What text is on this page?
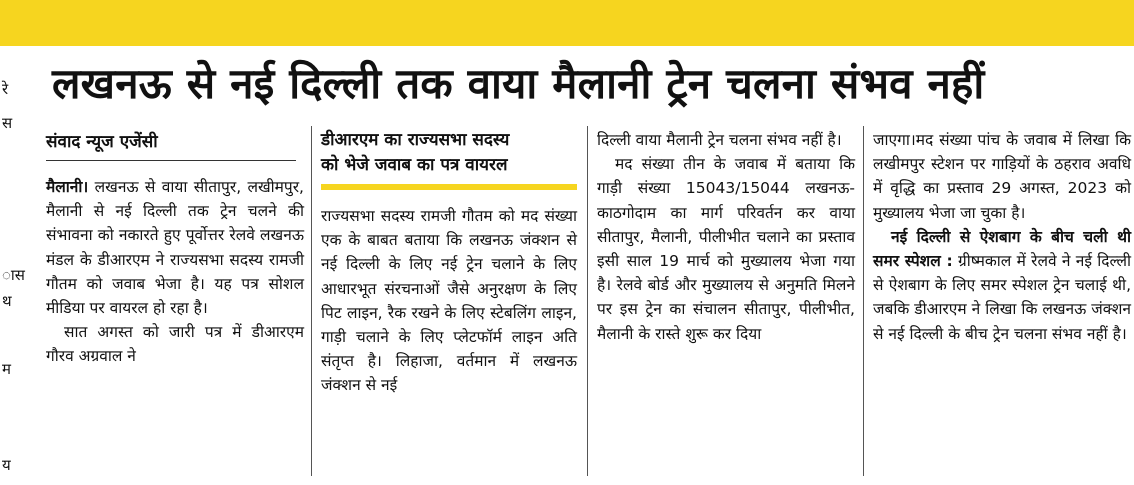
रे
स
ास
थ
म
य
लखनऊ से नई दिल्ली तक वाया मैलानी ट्रेन चलना संभव नहीं
संवाद न्यूज एजेंसी

मैलानी। लखनऊ से वाया सीतापुर, लखीमपुर, मैलानी से नई दिल्ली तक ट्रेन चलने की संभावना को नकारते हुए पूर्वोत्तर रेलवे लखनऊ मंडल के डीआरएम ने राज्यसभा सदस्य रामजी गौतम को जवाब भेजा है। यह पत्र सोशल मीडिया पर वायरल हो रहा है।

सात अगस्त को जारी पत्र में डीआरएम गौरव अग्रवाल ने

डीआरएम का राज्यसभा सदस्य
को भेजे जवाब का पत्र वायरल

राज्यसभा सदस्य रामजी गौतम को मद संख्या एक के बाबत बताया कि लखनऊ जंक्शन से नई दिल्ली के लिए नई ट्रेन चलाने के लिए आधारभूत संरचनाओं जैसे अनुरक्षण के लिए पिट लाइन, रैक रखने के लिए स्टेबलिंग लाइन, गाड़ी चलाने के लिए प्लेटफॉर्म लाइन अति संतृप्त है। लिहाजा, वर्तमान में लखनऊ जंक्शन से नई

दिल्ली वाया मैलानी ट्रेन चलना संभव नहीं है।

मद संख्या तीन के जवाब में बताया कि गाड़ी संख्या 15043/15044 लखनऊ-काठगोदाम का मार्ग परिवर्तन कर वाया सीतापुर, मैलानी, पीलीभीत चलाने का प्रस्ताव इसी साल 19 मार्च को मुख्यालय भेजा गया है। रेलवे बोर्ड और मुख्यालय से अनुमति मिलने पर इस ट्रेन का संचालन सीतापुर, पीलीभीत, मैलानी के रास्ते शुरू कर दिया

जाएगा।मद संख्या पांच के जवाब में लिखा कि लखीमपुर स्टेशन पर गाड़ियों के ठहराव अवधि में वृद्धि का प्रस्ताव 29 अगस्त, 2023 को मुख्यालय भेजा जा चुका है।

नई दिल्ली से ऐशबाग के बीच चली थी समर स्पेशल : ग्रीष्मकाल में रेलवे ने नई दिल्ली से ऐशबाग के लिए समर स्पेशल ट्रेन चलाई थी, जबकि डीआरएम ने लिखा कि लखनऊ जंक्शन से नई दिल्ली के बीच ट्रेन चलना संभव नहीं है।
